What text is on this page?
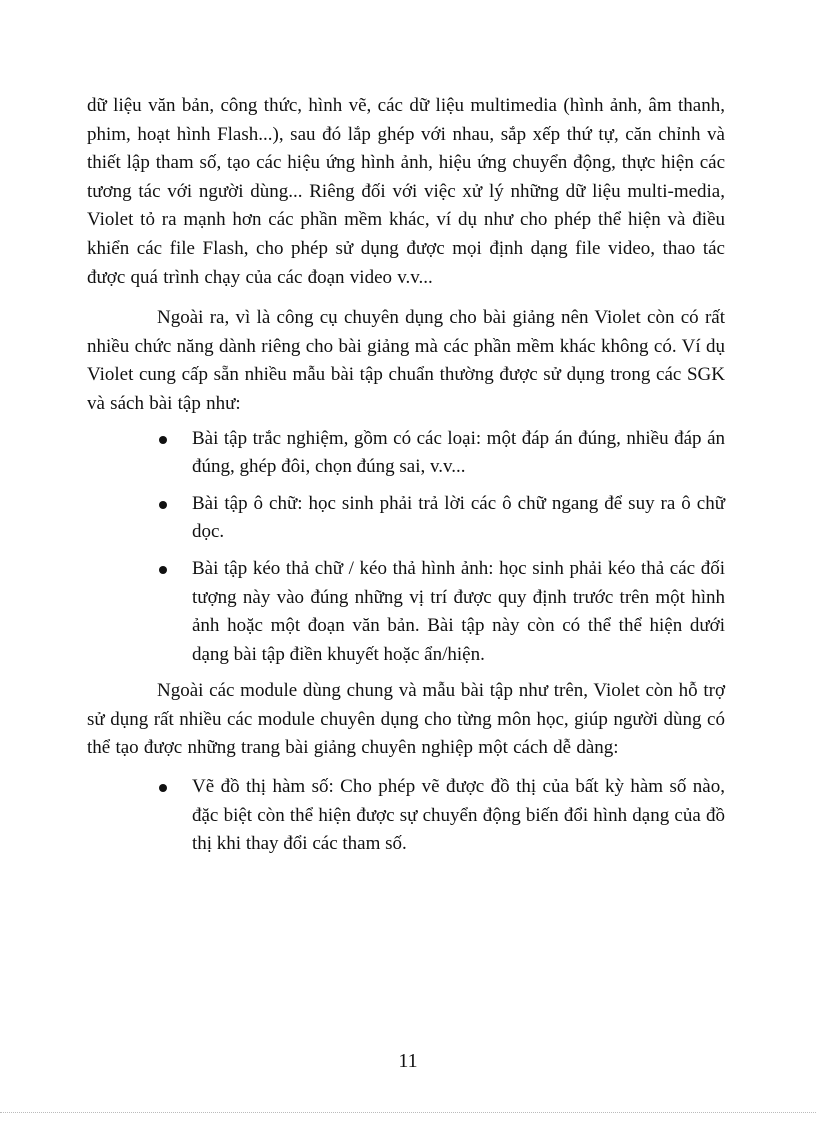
dữ liệu văn bản, công thức, hình vẽ, các dữ liệu multimedia (hình ảnh, âm thanh, phim, hoạt hình Flash...), sau đó lắp ghép với nhau, sắp xếp thứ tự, căn chỉnh và thiết lập tham số, tạo các hiệu ứng hình ảnh, hiệu ứng chuyển động, thực hiện các tương tác với người dùng... Riêng đối với việc xử lý những dữ liệu multi-media, Violet tỏ ra mạnh hơn các phần mềm khác, ví dụ như cho phép thể hiện và điều khiển các file Flash, cho phép sử dụng được mọi định dạng file video, thao tác được quá trình chạy của các đoạn video v.v...

Ngoài ra, vì là công cụ chuyên dụng cho bài giảng nên Violet còn có rất nhiều chức năng dành riêng cho bài giảng mà các phần mềm khác không có. Ví dụ Violet cung cấp sẵn nhiều mẫu bài tập chuẩn thường được sử dụng trong các SGK và sách bài tập như:

Bài tập trắc nghiệm, gồm có các loại: một đáp án đúng, nhiều đáp án đúng, ghép đôi, chọn đúng sai, v.v...
Bài tập ô chữ: học sinh phải trả lời các ô chữ ngang để suy ra ô chữ dọc.
Bài tập kéo thả chữ / kéo thả hình ảnh: học sinh phải kéo thả các đối tượng này vào đúng những vị trí được quy định trước trên một hình ảnh hoặc một đoạn văn bản. Bài tập này còn có thể thể hiện dưới dạng bài tập điền khuyết hoặc ẩn/hiện.

Ngoài các module dùng chung và mẫu bài tập như trên, Violet còn hỗ trợ sử dụng rất nhiều các module chuyên dụng cho từng môn học, giúp người dùng có thể tạo được những trang bài giảng chuyên nghiệp một cách dễ dàng:

Vẽ đồ thị hàm số: Cho phép vẽ được đồ thị của bất kỳ hàm số nào, đặc biệt còn thể hiện được sự chuyển động biến đổi hình dạng của đồ thị khi thay đổi các tham số.
11
